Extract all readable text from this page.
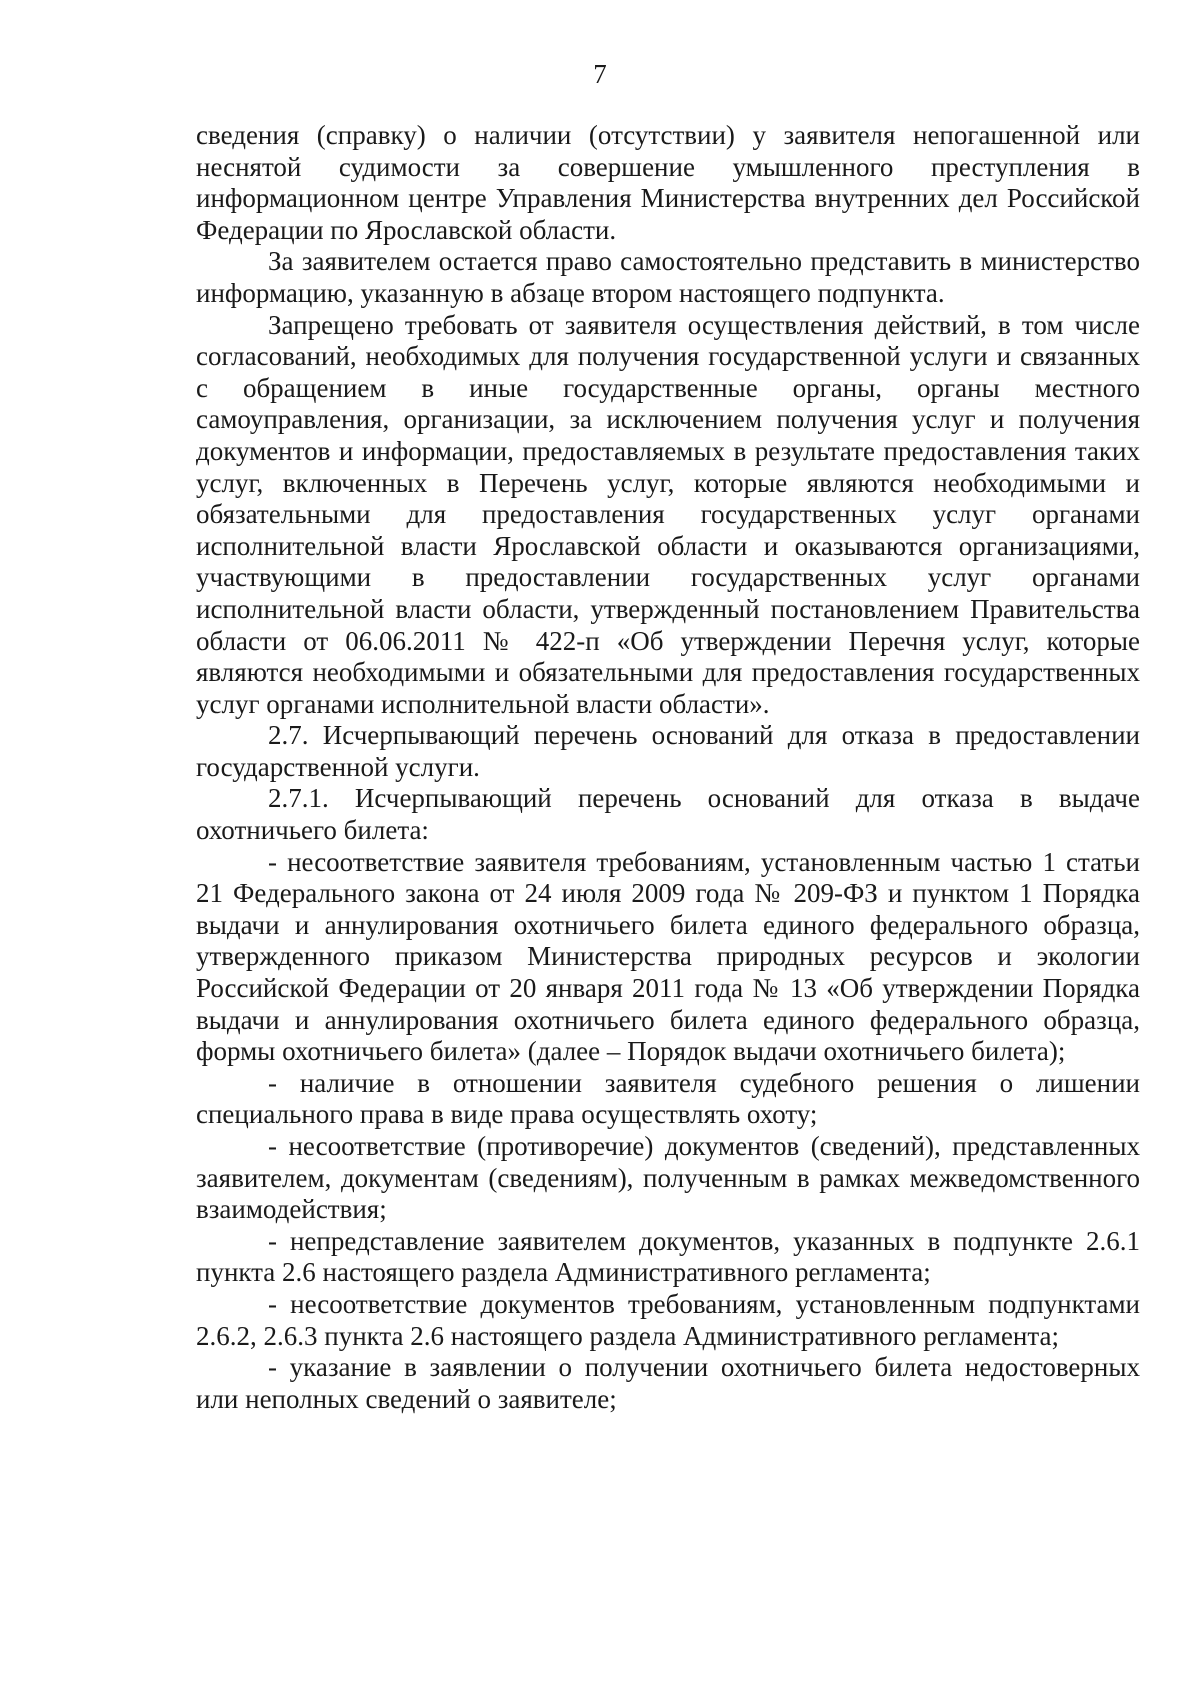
7

сведения (справку) о наличии (отсутствии) у заявителя непогашенной или неснятой судимости за совершение умышленного преступления в информационном центре Управления Министерства внутренних дел Российской Федерации по Ярославской области.

За заявителем остается право самостоятельно представить в министерство информацию, указанную в абзаце втором настоящего подпункта.

Запрещено требовать от заявителя осуществления действий, в том числе согласований, необходимых для получения государственной услуги и связанных с обращением в иные государственные органы, органы местного самоуправления, организации, за исключением получения услуг и получения документов и информации, предоставляемых в результате предоставления таких услуг, включенных в Перечень услуг, которые являются необходимыми и обязательными для предоставления государственных услуг органами исполнительной власти Ярославской области и оказываются организациями, участвующими в предоставлении государственных услуг органами исполнительной власти области, утвержденный постановлением Правительства области от 06.06.2011 № 422-п «Об утверждении Перечня услуг, которые являются необходимыми и обязательными для предоставления государственных услуг органами исполнительной власти области».

2.7. Исчерпывающий перечень оснований для отказа в предоставлении государственной услуги.

2.7.1. Исчерпывающий перечень оснований для отказа в выдаче охотничьего билета:

- несоответствие заявителя требованиям, установленным частью 1 статьи 21 Федерального закона от 24 июля 2009 года № 209-ФЗ и пунктом 1 Порядка выдачи и аннулирования охотничьего билета единого федерального образца, утвержденного приказом Министерства природных ресурсов и экологии Российской Федерации от 20 января 2011 года № 13 «Об утверждении Порядка выдачи и аннулирования охотничьего билета единого федерального образца, формы охотничьего билета» (далее – Порядок выдачи охотничьего билета);

- наличие в отношении заявителя судебного решения о лишении специального права в виде права осуществлять охоту;

- несоответствие (противоречие) документов (сведений), представленных заявителем, документам (сведениям), полученным в рамках межведомственного взаимодействия;

- непредставление заявителем документов, указанных в подпункте 2.6.1 пункта 2.6 настоящего раздела Административного регламента;

- несоответствие документов требованиям, установленным подпунктами 2.6.2, 2.6.3 пункта 2.6 настоящего раздела Административного регламента;

- указание в заявлении о получении охотничьего билета недостоверных или неполных сведений о заявителе;
